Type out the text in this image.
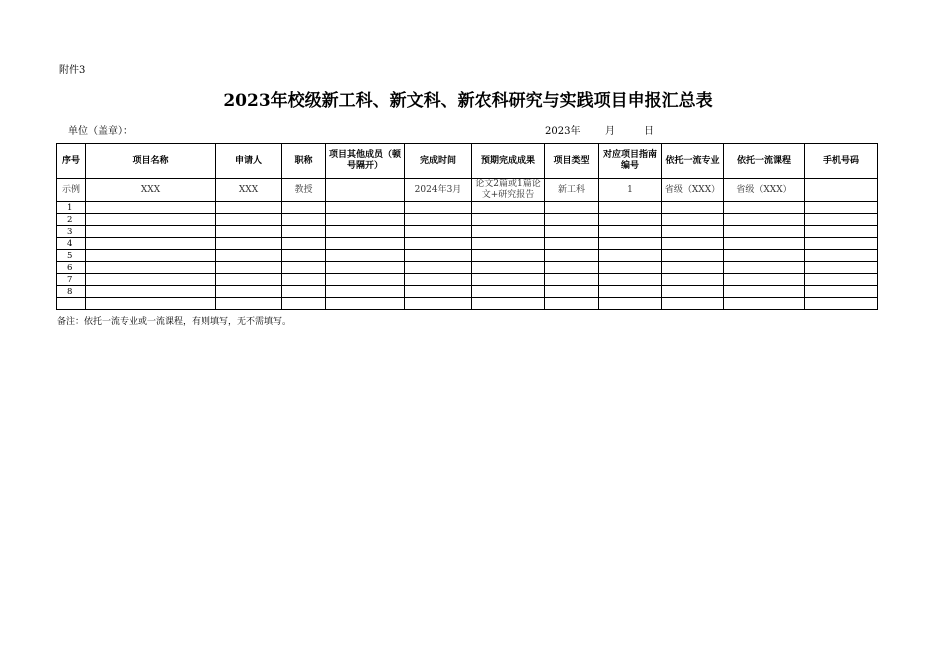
附件3
2023年校级新工科、新文科、新农科研究与实践项目申报汇总表
单位（盖章）：	2023年 月	日
序号	项目名称	申请人	职称	项目其他成员（顿号隔开）	完成时间	预期完成成果	项目类型	对应项目指南编号	依托一流专业	依托一流课程	手机号码
示例	XXX	XXX	教授		2024年3月	论文2篇或1篇论文+研究报告	新工科	1	省级（XXX）	省级（XXX）	
1											
2											
3											
4											
5											
6											
7											
8											

备注：依托一流专业或一流课程，有则填写，无不需填写。
